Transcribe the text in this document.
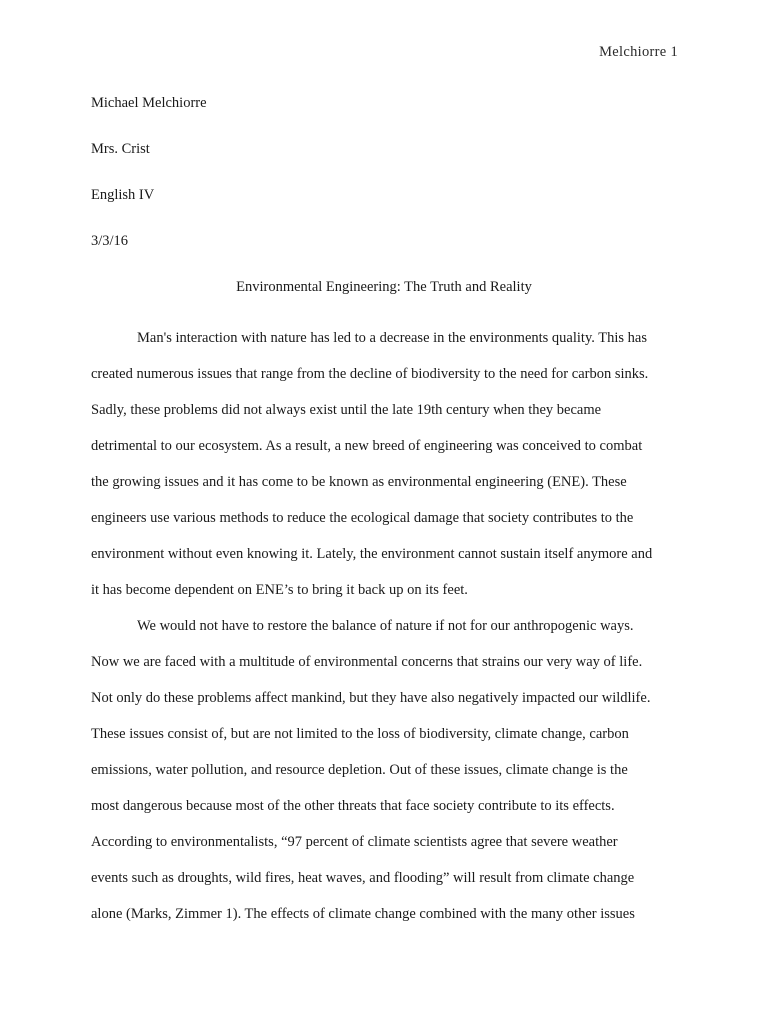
Melchiorre 1
Michael Melchiorre
Mrs. Crist
English IV
3/3/16
Environmental Engineering: The Truth and Reality

Man's interaction with nature has led to a decrease in the environments quality. This has
created numerous issues that range from the decline of biodiversity to the need for carbon sinks.
Sadly, these problems did not always exist until the late 19th century when they became
detrimental to our ecosystem. As a result, a new breed of engineering was conceived to combat
the growing issues and it has come to be known as environmental engineering (ENE). These
engineers use various methods to reduce the ecological damage that society contributes to the
environment without even knowing it. Lately, the environment cannot sustain itself anymore and
it has become dependent on ENE’s to bring it back up on its feet.

We would not have to restore the balance of nature if not for our anthropogenic ways.
Now we are faced with a multitude of environmental concerns that strains our very way of life.
Not only do these problems affect mankind, but they have also negatively impacted our wildlife.
These issues consist of, but are not limited to the loss of biodiversity, climate change, carbon
emissions, water pollution, and resource depletion. Out of these issues, climate change is the
most dangerous because most of the other threats that face society contribute to its effects.
According to environmentalists, “97 percent of climate scientists agree that severe weather
events such as droughts, wild fires, heat waves, and flooding” will result from climate change
alone (Marks, Zimmer 1). The effects of climate change combined with the many other issues
